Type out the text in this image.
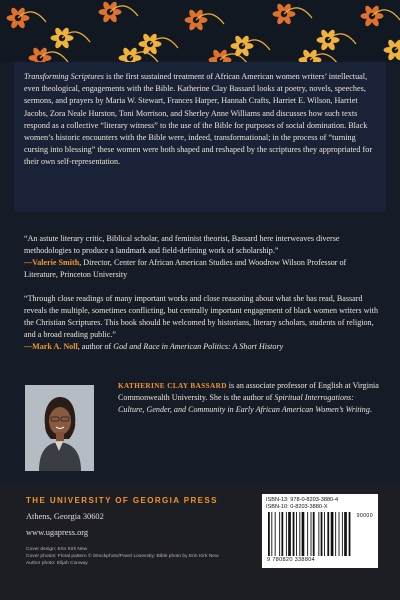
Transforming Scriptures is the first sustained treatment of African American women writers’ intellectual, even theological, engagements with the Bible. Katherine Clay Bassard looks at poetry, novels, speeches, sermons, and prayers by Maria W. Stewart, Frances Harper, Hannah Crafts, Harriet E. Wilson, Harriet Jacobs, Zora Neale Hurston, Toni Morrison, and Sherley Anne Williams and discusses how such texts respond as a collective “literary witness” to the use of the Bible for purposes of social domination. Black women’s historic encounters with the Bible were, indeed, transformational; in the process of “turning cursing into blessing” these women were both shaped and reshaped by the scriptures they appropriated for their own self-representation.

“An astute literary critic, Biblical scholar, and feminist theorist, Bassard here interweaves diverse methodologies to produce a landmark and field-defining work of scholarship.”
—Valerie Smith, Director, Center for African American Studies and Woodrow Wilson Professor of Literature, Princeton University

“Through close readings of many important works and close reasoning about what she has read, Bassard reveals the multiple, sometimes conflicting, but centrally important engagement of black women writers with the Christian Scriptures. This book should be welcomed by historians, literary scholars, students of religion, and a broad reading public.”
—Mark A. Noll, author of God and Race in American Politics: A Short History

KATHERINE CLAY BASSARD is an associate professor of English at Virginia Commonwealth University. She is the author of Spiritual Interrogations: Culture, Gender, and Community in Early African American Women’s Writing.

THE UNIVERSITY OF GEORGIA PRESS
Athens, Georgia 30602
www.ugapress.org
Cover design: Erin Kirk New
Cover photos: Floral pattern © iStockphoto/Pavel Losevsky; Bible photo by Erin Kirk New
Author photo: Elijah Conway
ISBN-13: 978-0-8203-3880-4
ISBN-10: 0-8203-3880-X
90000
9 780820 338804
